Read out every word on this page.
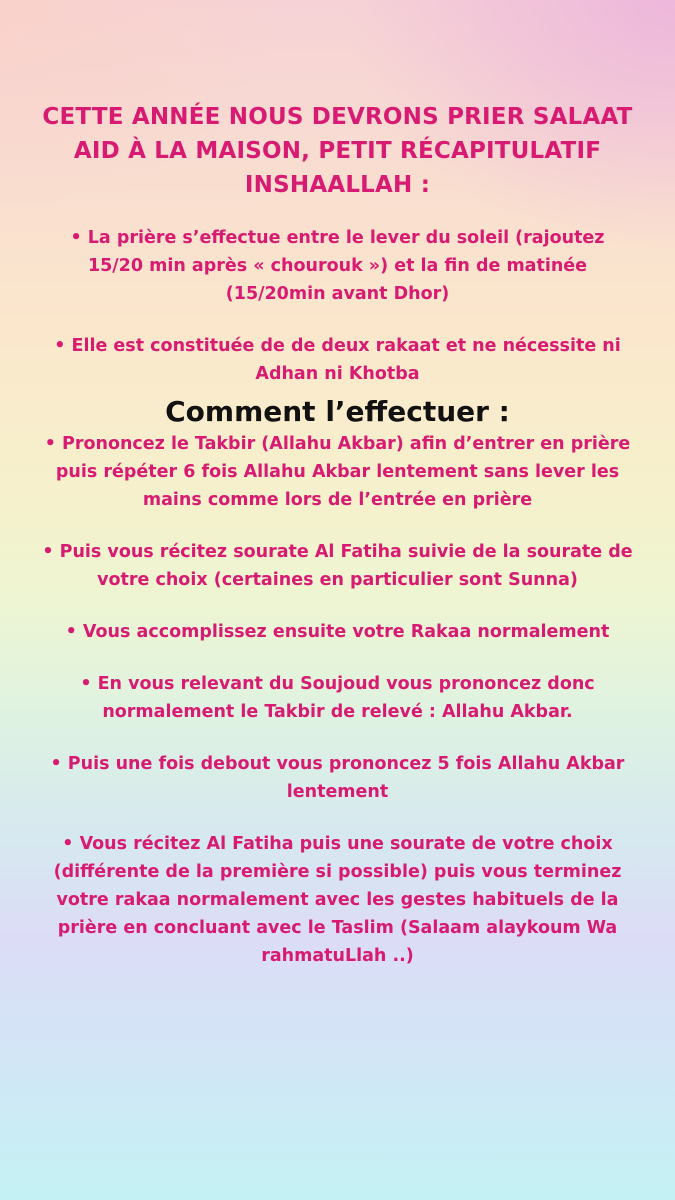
CETTE ANNÉE NOUS DEVRONS PRIER SALAAT AID À LA MAISON, PETIT RÉCAPITULATIF INSHAALLAH :
• La prière s’effectue entre le lever du soleil (rajoutez 15/20 min après « chourouk ») et la fin de matinée (15/20min avant Dhor)
• Elle est constituée de de deux rakaat et ne nécessite ni Adhan ni Khotba
Comment l’effectuer :
• Prononcez le Takbir (Allahu Akbar) afin d’entrer en prière puis répéter 6 fois Allahu Akbar lentement sans lever les mains comme lors de l’entrée en prière
• Puis vous récitez sourate Al Fatiha suivie de la sourate de votre choix (certaines en particulier sont Sunna)
• Vous accomplissez ensuite votre Rakaa normalement
• En vous relevant du Soujoud vous prononcez donc normalement le Takbir de relevé : Allahu Akbar.
• Puis une fois debout vous prononcez 5 fois Allahu Akbar lentement
• Vous récitez Al Fatiha puis une sourate de votre choix (différente de la première si possible) puis vous terminez votre rakaa normalement avec les gestes habituels de la prière en concluant avec le Taslim (Salaam alaykoum Wa rahmatuLlah ..)
